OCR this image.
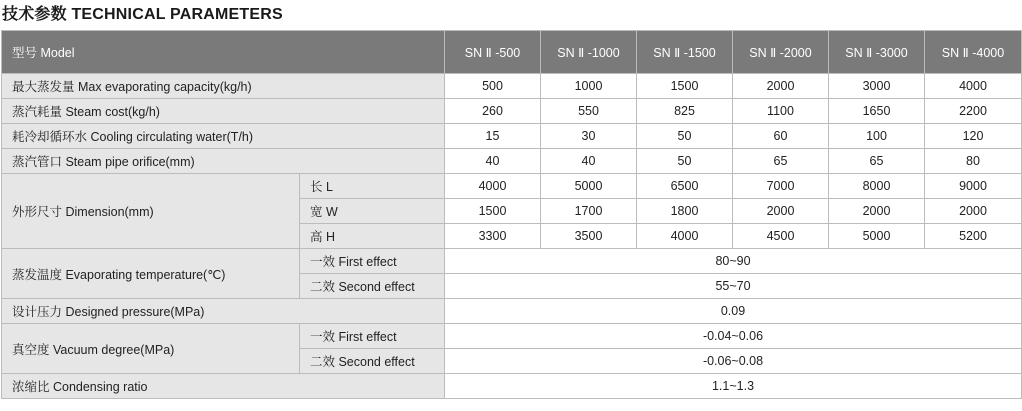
技术参数 TECHNICAL PARAMETERS
型号 Model		SN Ⅱ -500	SN Ⅱ -1000	SN Ⅱ -1500	SN Ⅱ -2000	SN Ⅱ -3000	SN Ⅱ -4000
最大蒸发量 Max evaporating capacity(kg/h)		500	1000	1500	2000	3000	4000
蒸汽耗量 Steam cost(kg/h)		260	550	825	1100	1650	2200
耗冷却循环水 Cooling circulating water(T/h)		15	30	50	60	100	120
蒸汽管口 Steam pipe orifice(mm)		40	40	50	65	65	80
外形尺寸 Dimension(mm)	长 L	4000	5000	6500	7000	8000	9000
	宽 W	1500	1700	1800	2000	2000	2000
	高 H	3300	3500	4000	4500	5000	5200
蒸发温度 Evaporating temperature(℃)	一效 First effect	80~90					
	二效 Second effect	55~70					
设计压力 Designed pressure(MPa)		0.09					
真空度 Vacuum degree(MPa)	一效 First effect	-0.04~0.06					
	二效 Second effect	-0.06~0.08					
浓缩比 Condensing ratio		1.1~1.3					
